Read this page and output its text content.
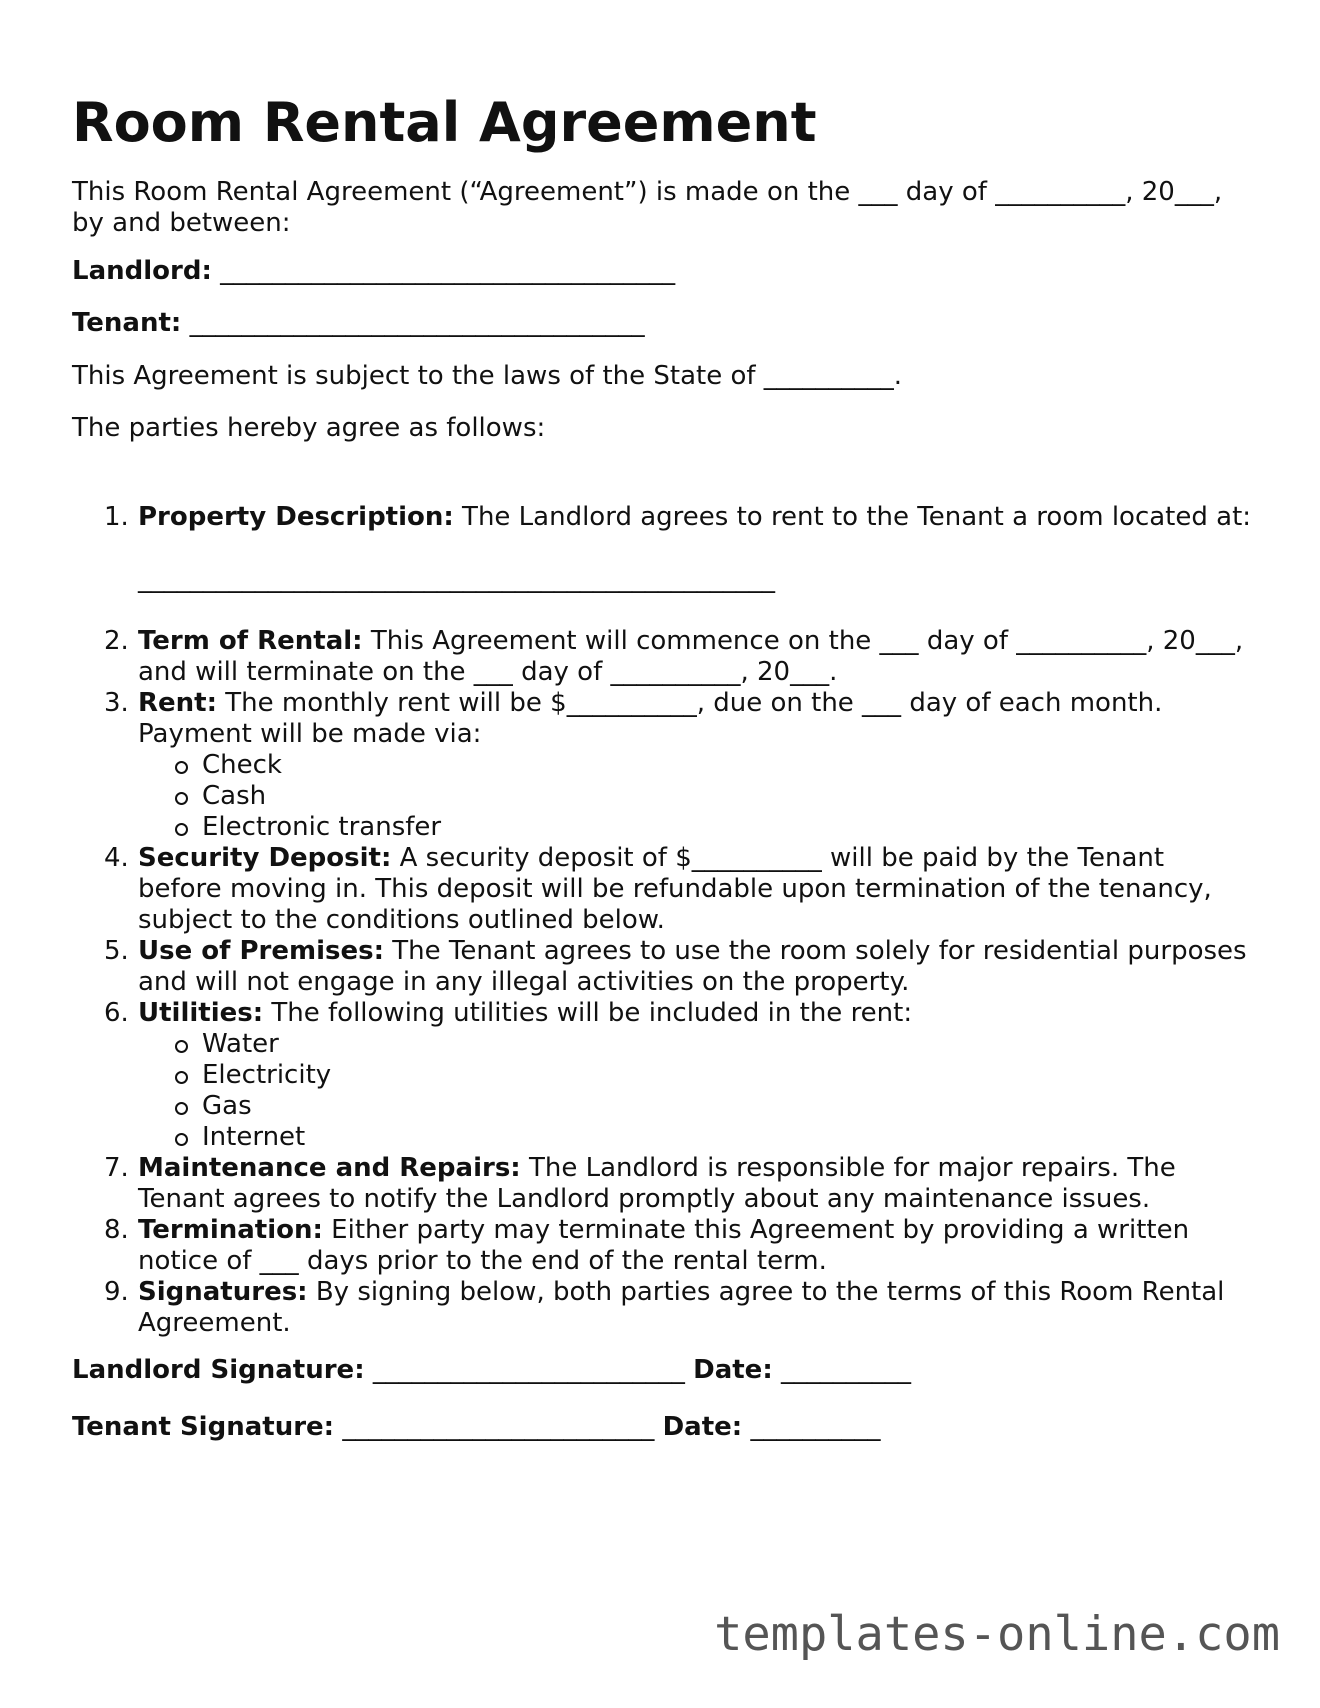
Room Rental Agreement

This Room Rental Agreement (“Agreement”) is made on the ___ day of __________, 20___, by and between:

Landlord: ___________________________________

Tenant: ___________________________________

This Agreement is subject to the laws of the State of __________.

The parties hereby agree as follows:

1. Property Description: The Landlord agrees to rent to the Tenant a room located at:
_________________________________________________
2. Term of Rental: This Agreement will commence on the ___ day of __________, 20___, and will terminate on the ___ day of __________, 20___.
3. Rent: The monthly rent will be $__________, due on the ___ day of each month. Payment will be made via:
Check
Cash
Electronic transfer
4. Security Deposit: A security deposit of $__________ will be paid by the Tenant before moving in. This deposit will be refundable upon termination of the tenancy, subject to the conditions outlined below.
5. Use of Premises: The Tenant agrees to use the room solely for residential purposes and will not engage in any illegal activities on the property.
6. Utilities: The following utilities will be included in the rent:
Water
Electricity
Gas
Internet
7. Maintenance and Repairs: The Landlord is responsible for major repairs. The Tenant agrees to notify the Landlord promptly about any maintenance issues.
8. Termination: Either party may terminate this Agreement by providing a written notice of ___ days prior to the end of the rental term.
9. Signatures: By signing below, both parties agree to the terms of this Room Rental Agreement.

Landlord Signature: ________________________ Date: __________

Tenant Signature: ________________________ Date: __________

templates-online.com
